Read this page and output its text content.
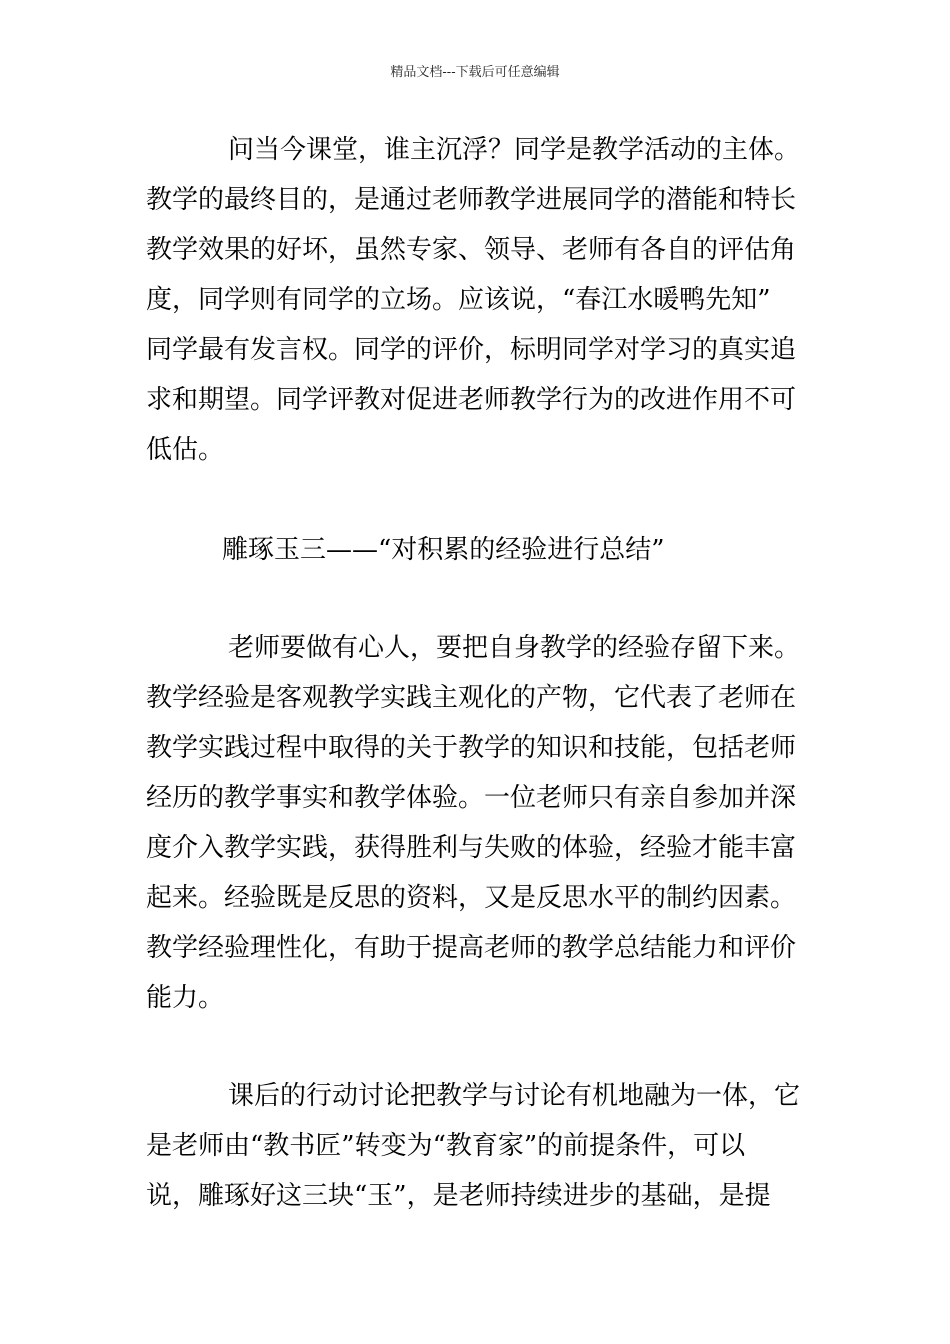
精品文档---下载后可任意编辑
问当今课堂，谁主沉浮？同学是教学活动的主体。
教学的最终目的，是通过老师教学进展同学的潜能和特长
教学效果的好坏，虽然专家、领导、老师有各自的评估角
度，同学则有同学的立场。应该说，“春江水暖鸭先知”
同学最有发言权。同学的评价，标明同学对学习的真实追
求和期望。同学评教对促进老师教学行为的改进作用不可
低估。
雕琢玉三——“对积累的经验进行总结”
老师要做有心人，要把自身教学的经验存留下来。
教学经验是客观教学实践主观化的产物，它代表了老师在
教学实践过程中取得的关于教学的知识和技能，包括老师
经历的教学事实和教学体验。一位老师只有亲自参加并深
度介入教学实践，获得胜利与失败的体验，经验才能丰富
起来。经验既是反思的资料，又是反思水平的制约因素。
教学经验理性化，有助于提高老师的教学总结能力和评价
能力。
课后的行动讨论把教学与讨论有机地融为一体，它
是老师由“教书匠”转变为“教育家”的前提条件，可以
说，雕琢好这三块“玉”，是老师持续进步的基础，是提
